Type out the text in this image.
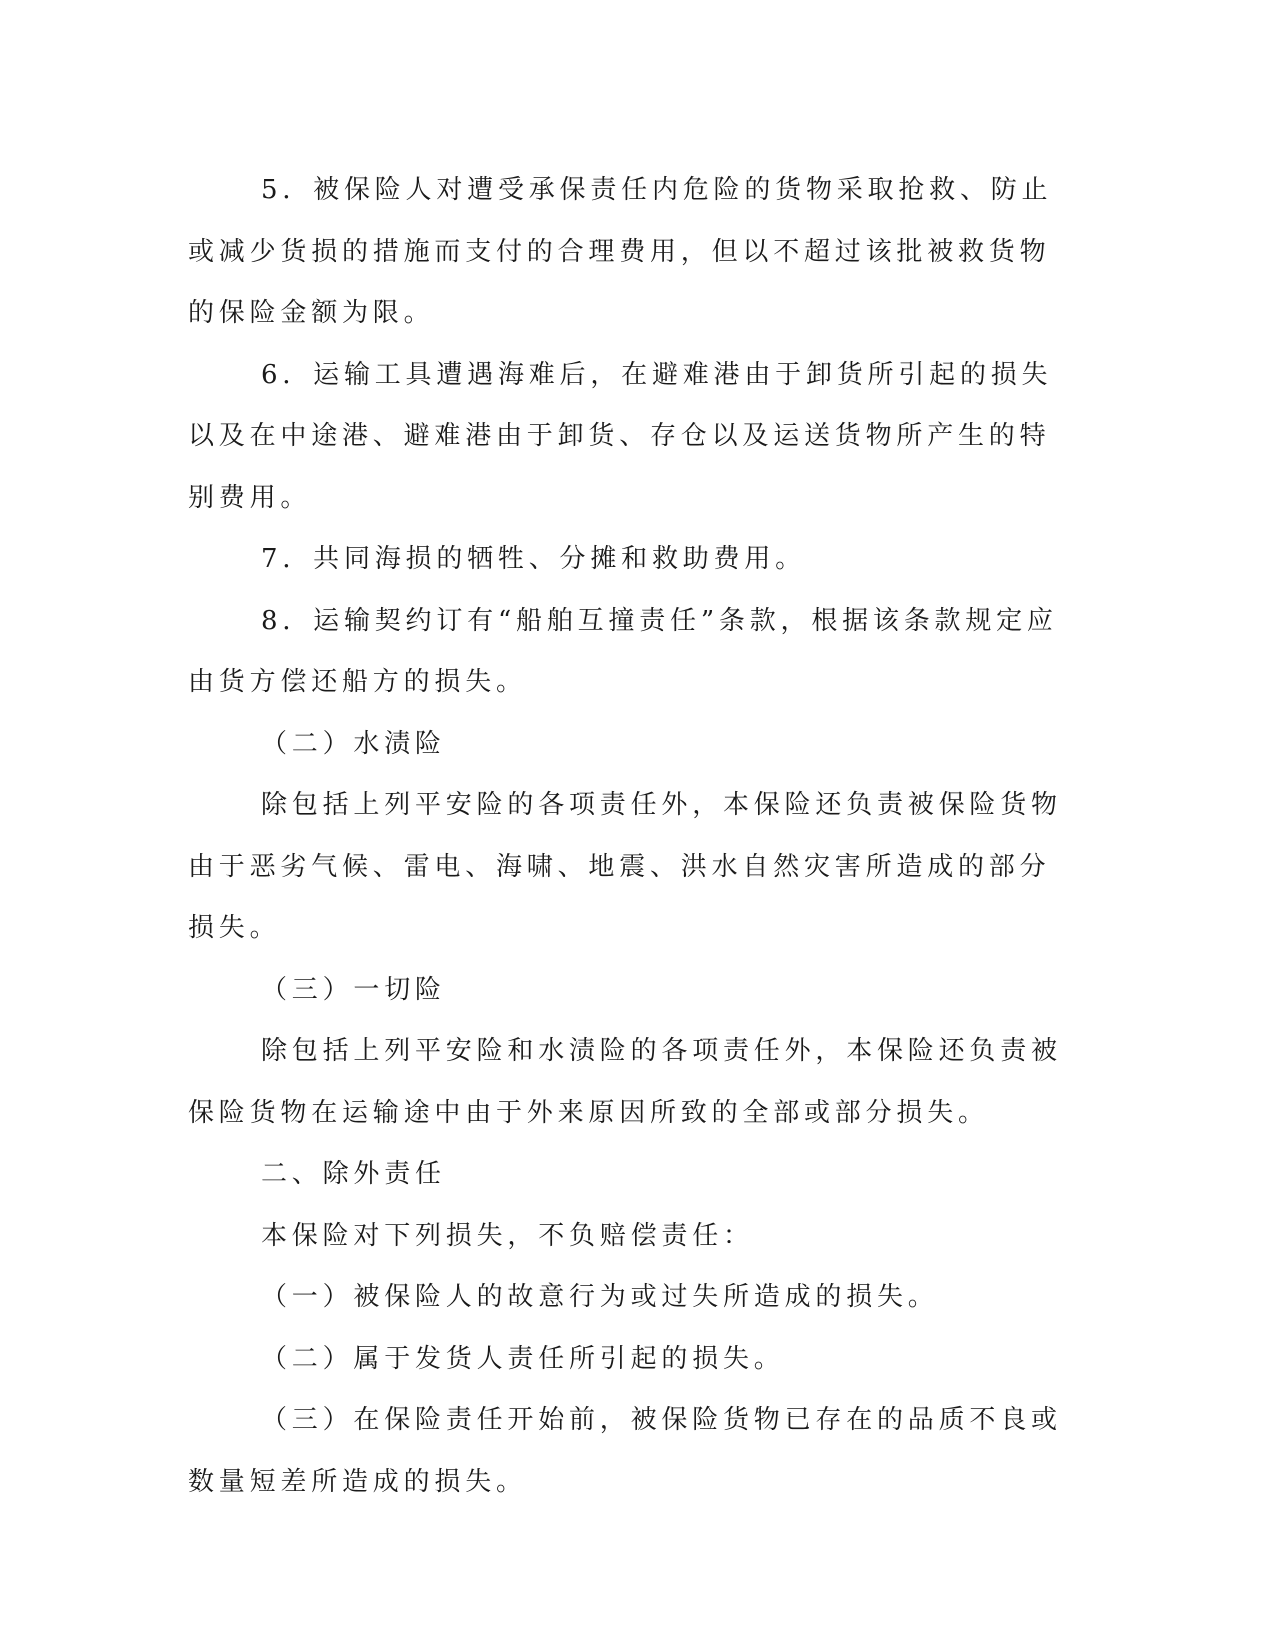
5．被保险人对遭受承保责任内危险的货物采取抢救、防止或减少货损的措施而支付的合理费用，但以不超过该批被救货物的保险金额为限。

6．运输工具遭遇海难后，在避难港由于卸货所引起的损失以及在中途港、避难港由于卸货、存仓以及运送货物所产生的特别费用。

7．共同海损的牺牲、分摊和救助费用。

8．运输契约订有“船舶互撞责任”条款，根据该条款规定应由货方偿还船方的损失。

（二）水渍险

除包括上列平安险的各项责任外，本保险还负责被保险货物由于恶劣气候、雷电、海啸、地震、洪水自然灾害所造成的部分损失。

（三）一切险

除包括上列平安险和水渍险的各项责任外，本保险还负责被保险货物在运输途中由于外来原因所致的全部或部分损失。

二、除外责任

本保险对下列损失，不负赔偿责任：

（一）被保险人的故意行为或过失所造成的损失。

（二）属于发货人责任所引起的损失。

（三）在保险责任开始前，被保险货物已存在的品质不良或数量短差所造成的损失。
